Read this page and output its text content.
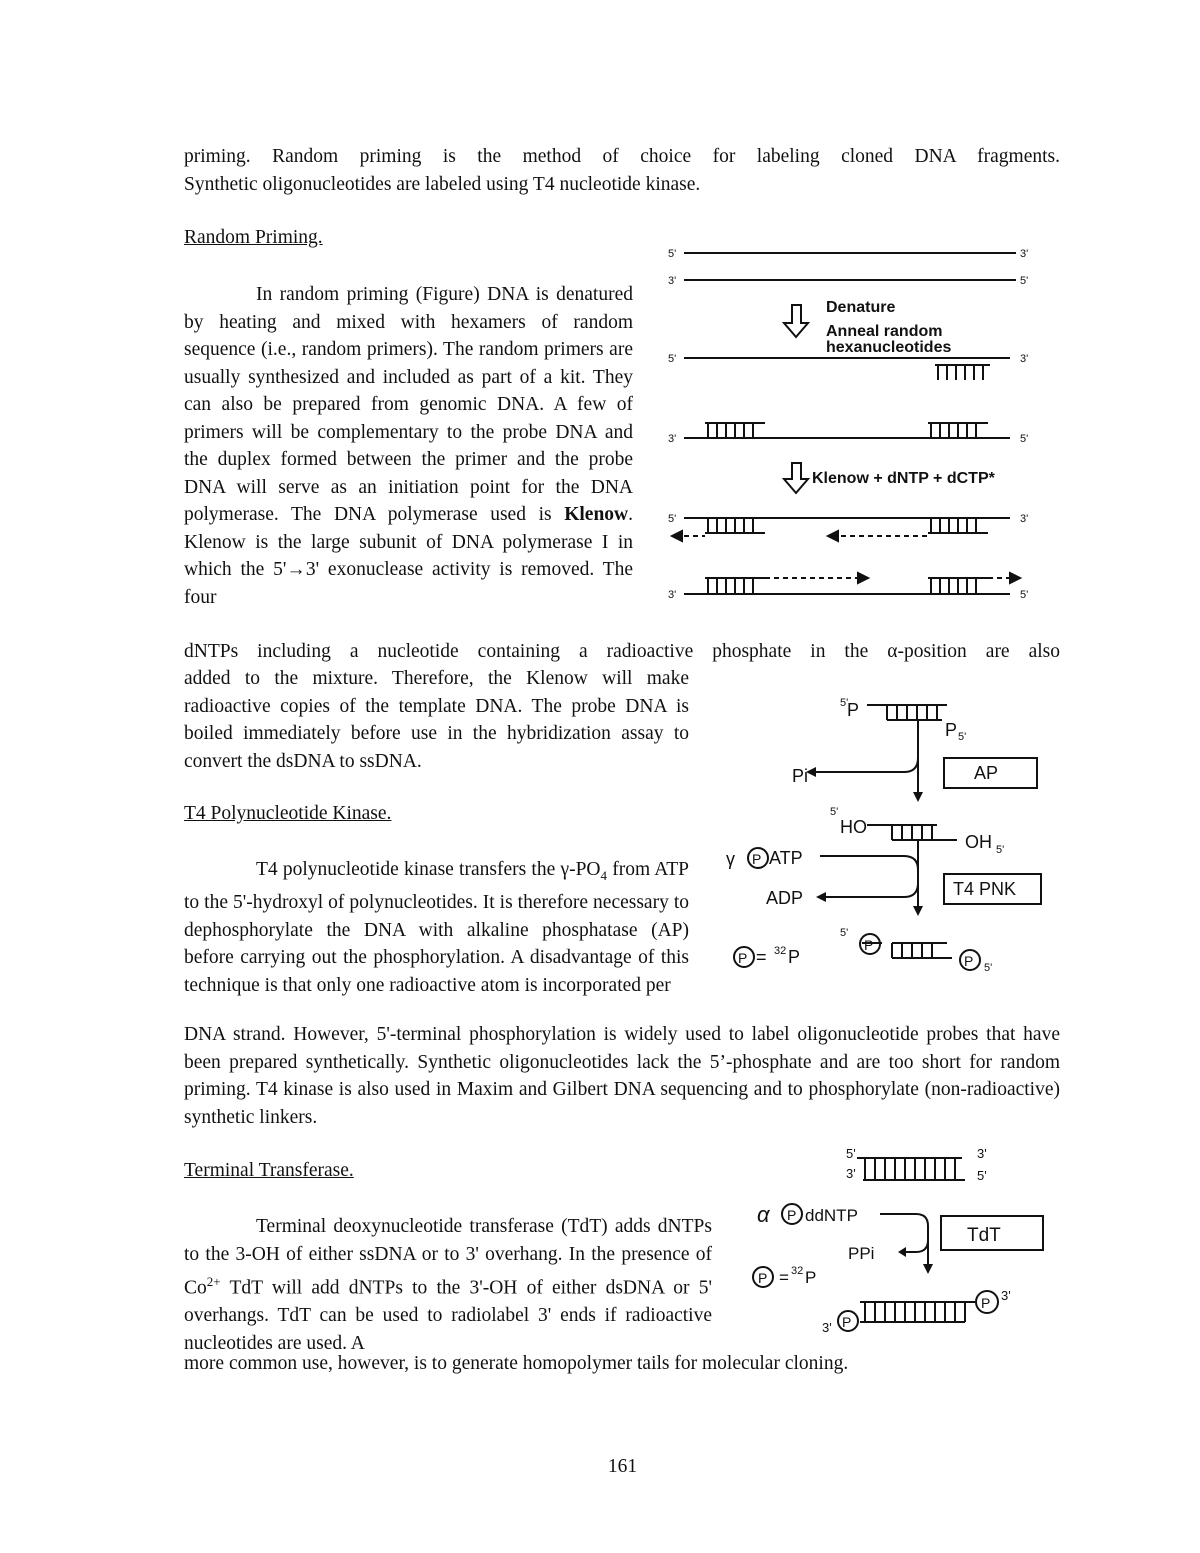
priming. Random priming is the method of choice for labeling cloned DNA fragments.
Synthetic oligonucleotides are labeled using T4 nucleotide kinase.
Random Priming.
In random priming (Figure) DNA is denatured by heating and mixed with hexamers of random sequence (i.e., random primers). The random primers are usually synthesized and included as part of a kit. They can also be prepared from genomic DNA. A few of primers will be complementary to the probe DNA and the duplex formed between the primer and the probe DNA will serve as an initiation point for the DNA polymerase. The DNA polymerase used is Klenow. Klenow is the large subunit of DNA polymerase I in which the 5'→3' exonuclease activity is removed. The four
dNTPs including a nucleotide containing a radioactive phosphate in the α-position are also
added to the mixture. Therefore, the Klenow will make radioactive copies of the template DNA. The probe DNA is boiled immediately before use in the hybridization assay to convert the dsDNA to ssDNA.
T4 Polynucleotide Kinase.
T4 polynucleotide kinase transfers the $\gamma-PO_4$ from ATP to the 5'-hydroxyl of polynucleotides. It is therefore necessary to dephosphorylate the DNA with alkaline phosphatase (AP) before carrying out the phosphorylation. A disadvantage of this technique is that only one radioactive atom is incorporated per
DNA strand. However, 5'-terminal phosphorylation is widely used to label oligonucleotide probes that have been prepared synthetically. Synthetic oligonucleotides lack the 5’-phosphate and are too short for random priming. T4 kinase is also used in Maxim and Gilbert DNA sequencing and to phosphorylate (non-radioactive) synthetic linkers.
Terminal Transferase.
Terminal deoxynucleotide transferase (TdT) adds dNTPs to the 3-OH of either ssDNA or to 3' overhang. In the presence of $Co^{2+}$ TdT will add dNTPs to the 3'-OH of either dsDNA or 5' overhangs. TdT can be used to radiolabel 3' ends if radioactive nucleotides are used. A
more common use, however, is to generate homopolymer tails for molecular cloning.
5'	3'
3'	5'
5'	3'
3'	5'
5'	3'
3'	5'
Denature
Anneal random
hexanucleotides
Klenow + dNTP + dCTP*
5'
P
P 5'
Pi	AP
5'
HO
OH 5'
γ P ATP
ADP	T4 PNK
P = 32 P
5'
P
P 5'
5'	3'
3'	5'
α P ddNTP
TdT
PPi
P = 32 P
3' P
P 3'
161
